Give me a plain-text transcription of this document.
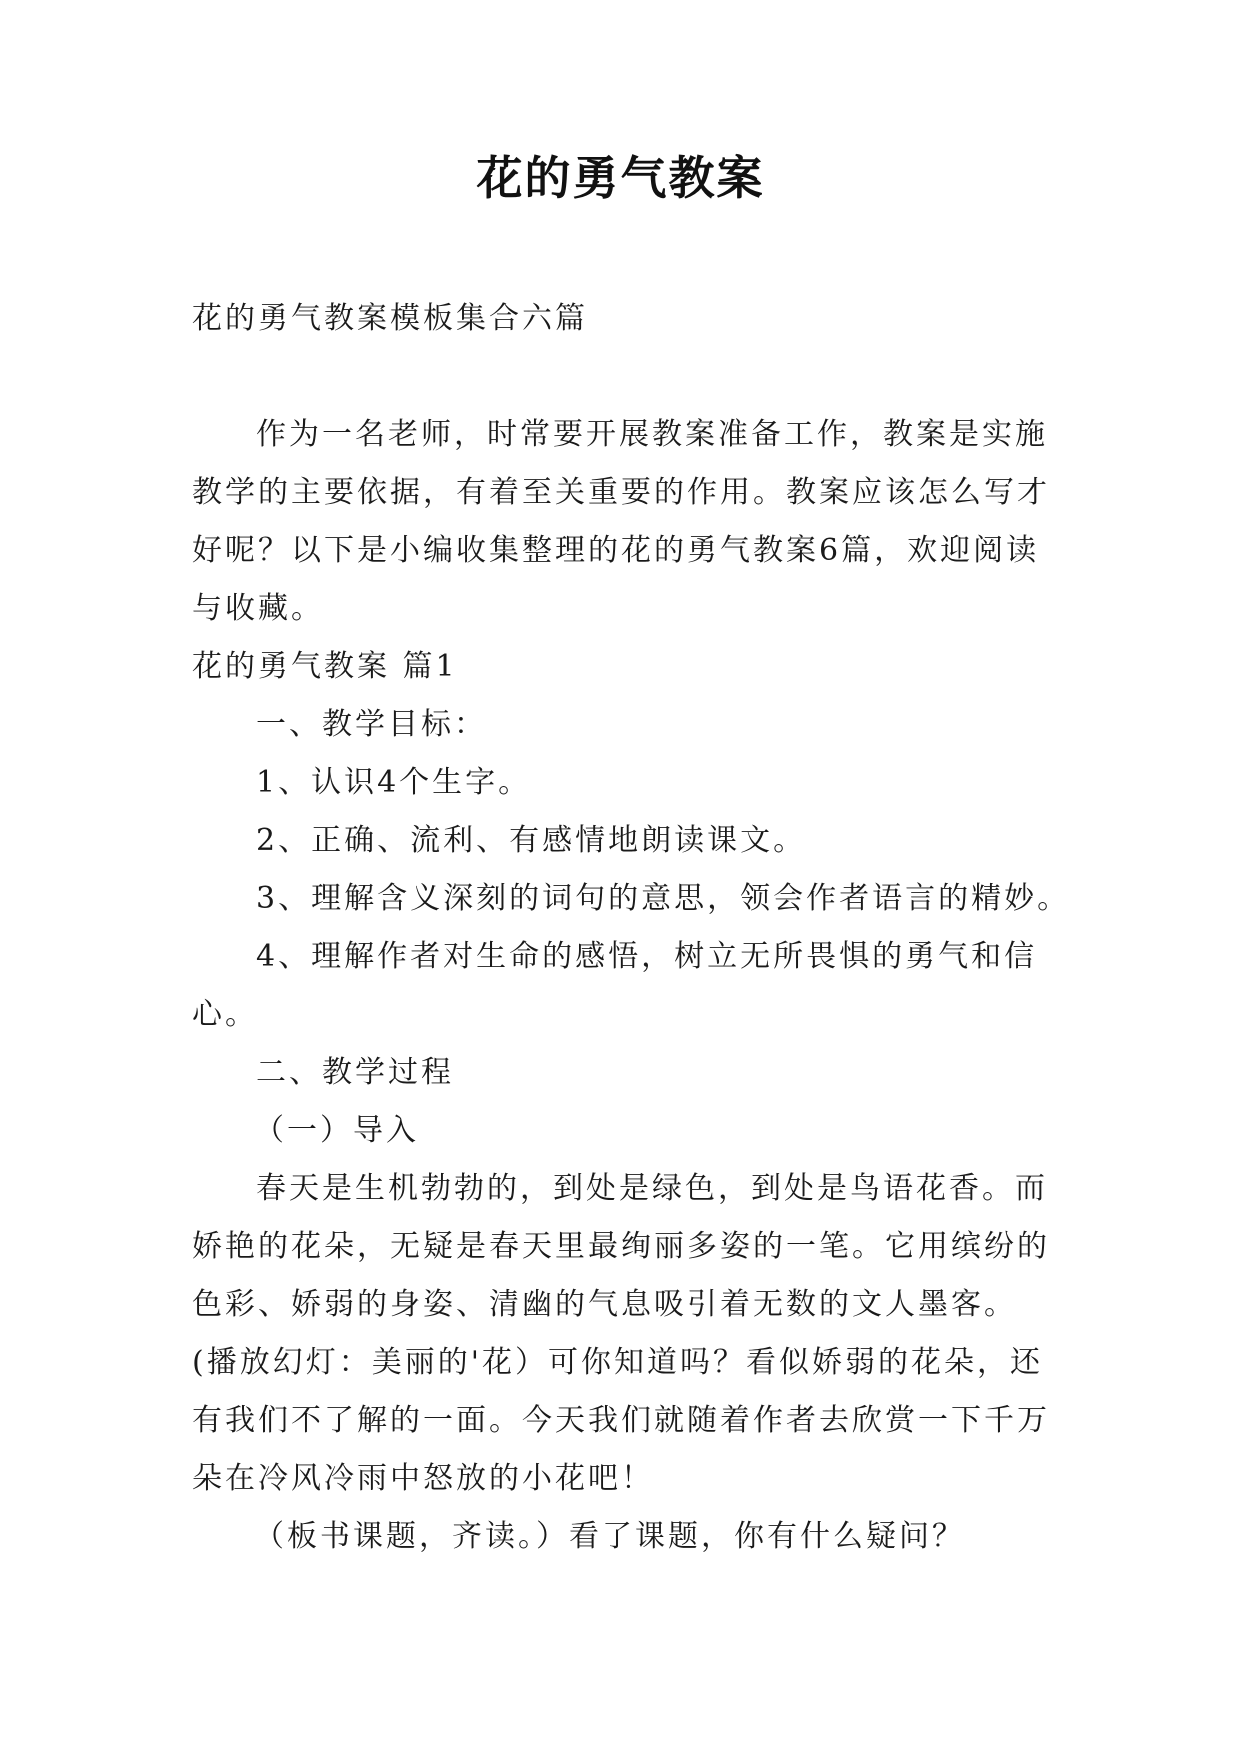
花的勇气教案

花的勇气教案模板集合六篇

作为一名老师，时常要开展教案准备工作，教案是实施教学的主要依据，有着至关重要的作用。教案应该怎么写才好呢？以下是小编收集整理的花的勇气教案6篇，欢迎阅读与收藏。

花的勇气教案 篇1

一、教学目标：

1、认识4个生字。

2、正确、流利、有感情地朗读课文。

3、理解含义深刻的词句的意思，领会作者语言的精妙。

4、理解作者对生命的感悟，树立无所畏惧的勇气和信心。

二、教学过程

（一）导入

春天是生机勃勃的，到处是绿色，到处是鸟语花香。而娇艳的花朵，无疑是春天里最绚丽多姿的一笔。它用缤纷的色彩、娇弱的身姿、清幽的气息吸引着无数的文人墨客。(播放幻灯：美丽的'花）可你知道吗？看似娇弱的花朵，还有我们不了解的一面。今天我们就随着作者去欣赏一下千万朵在冷风冷雨中怒放的小花吧！

（板书课题，齐读。）看了课题，你有什么疑问？
